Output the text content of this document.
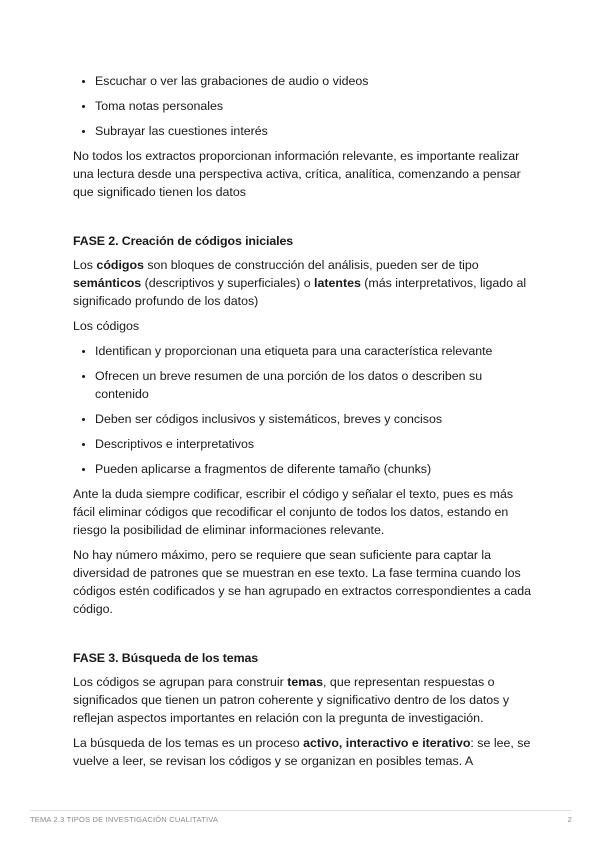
• Escuchar o ver las grabaciones de audio o videos
• Toma notas personales
• Subrayar las cuestiones interés

No todos los extractos proporcionan información relevante, es importante realizar una lectura desde una perspectiva activa, crítica, analítica, comenzando a pensar que significado tienen los datos

FASE 2. Creación de códigos iniciales

Los códigos son bloques de construcción del análisis, pueden ser de tipo semánticos (descriptivos y superficiales) o latentes (más interpretativos, ligado al significado profundo de los datos)

Los códigos

• Identifican y proporcionan una etiqueta para una característica relevante
• Ofrecen un breve resumen de una porción de los datos o describen su contenido
• Deben ser códigos inclusivos y sistemáticos, breves y concisos
• Descriptivos e interpretativos
• Pueden aplicarse a fragmentos de diferente tamaño (chunks)

Ante la duda siempre codificar, escribir el código y señalar el texto, pues es más fácil eliminar códigos que recodificar el conjunto de todos los datos, estando en riesgo la posibilidad de eliminar informaciones relevante.

No hay número máximo, pero se requiere que sean suficiente para captar la diversidad de patrones que se muestran en ese texto. La fase termina cuando los códigos estén codificados y se han agrupado en extractos correspondientes a cada código.

FASE 3. Búsqueda de los temas

Los códigos se agrupan para construir temas, que representan respuestas o significados que tienen un patron coherente y significativo dentro de los datos y reflejan aspectos importantes en relación con la pregunta de investigación.

La búsqueda de los temas es un proceso activo, interactivo e iterativo: se lee, se vuelve a leer, se revisan los códigos y se organizan en posibles temas. A

TEMA 2.3 TIPOS DE INVESTIGACIÓN CUALITATIVA	2
